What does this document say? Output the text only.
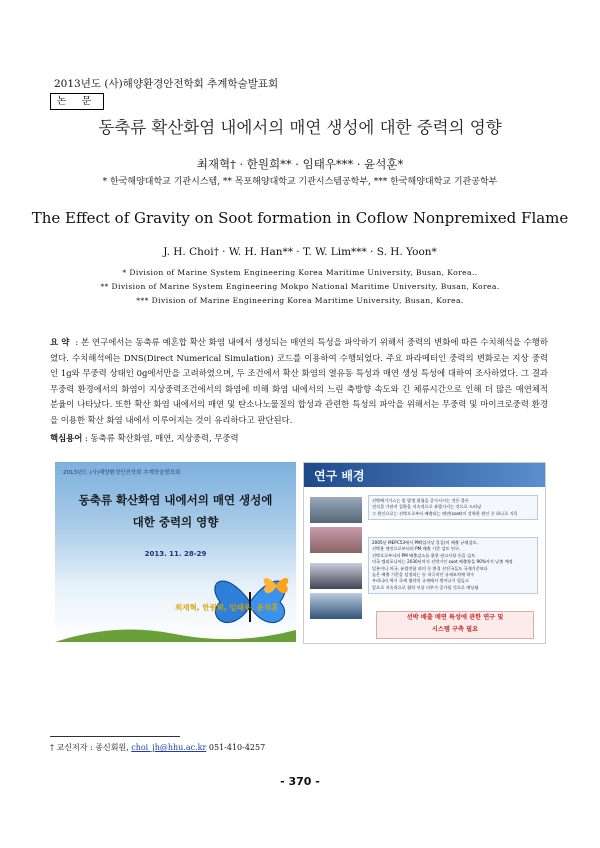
2013년도 (사)해양환경안전학회 추계학술발표회
논 문
동축류 확산화염 내에서의 매연 생성에 대한 중력의 영향
최재혁† · 한원희** · 임태우*** · 윤석훈*
* 한국해양대학교 기관시스템, ** 목포해양대학교 기관시스템공학부, *** 한국해양대학교 기관공학부
The Effect of Gravity on Soot formation in Coflow Nonpremixed Flame
J. H. Choi† · W. H. Han** · T. W. Lim*** · S. H. Yoon*
* Division of Marine System Engineering Korea Maritime University, Busan, Korea..
** Division of Marine System Engineering Mokpo National Maritime University, Busan, Korea.
*** Division of Marine Engineering Korea Maritime University, Busan, Korea.
요 약 : 본 연구에서는 동축류 예혼합 확산 화염 내에서 생성되는 매연의 특성을 파악하기 위해서 중력의 변화에 따른 수치해석을 수행하였다. 수치해석에는 DNS(Direct Numerical Simulation) 코드를 이용하여 수행되었다. 주요 파라메터인 중력의 변화로는 지상 중력인 1g와 무중력 상태인 0g에서만을 고려하였으며, 두 조건에서 확산 화염의 열유동 특성과 매연 생성 특성에 대하여 조사하였다. 그 결과 무중력 환경에서의 화염이 지상중력조건에서의 화염에 비해 화염 내에서의 느린 축방향 속도와 긴 체류시간으로 인해 더 많은 매연체적 분율이 나타났다. 또한 확산 화염 내에서의 매연 및 탄소나노물질의 합성과 관련한 특성의 파악을 위해서는 무중력 및 마이크로중력 환경을 이용한 확산 화염 내에서 이루어지는 것이 유리하다고 판단된다.
핵심용어 : 동축류 확산화염, 매연, 지상중력, 무중력
2013년도 (사)해양환경안전학회 추계학술발표회
동축류 확산화염 내에서의 매연 생성에
대한 중력의 영향
2013. 11. 28-29
최재혁, 한원희, 임태우, 윤석훈
연구 배경
선박배기가스는 암 발생 위험을 증가시키는 것은 물론
전식물 기관지 질환을 지속적으로 유발시키는 것으로 드러남
그 원인으로는 선박으로부터 배출되는 매연(soot)이 강력한 원인 중 하나로 지목
2005년 MEPC53에서 PM(입자상 물질)의 배출 규제검토,
선박용 엔진으로부터의 PM 배출 기준 검토 연구,
선박으로부터의 PM 배출감소를 위한 권고사항 등을 검토
미국 캘리포니아는 2030년까지 선박기인 soot 배출량을 90%까지 낮출 예정
일본이나 미국, 유럽연합 외의 동 환경 선진국들도 국제기준보다
높은 배출 기준을 설정하는 등 적극적인 규제조치에 착수
우리나라 역시 국제 협약의 규제에서 벗어나기 힘들고
앞으로 지속적으로 협약 이상 의무가 증가될 것으로 예상됨
선박 배출 매연 특성에 관한 연구 및
시스템 구축 필요
† 교신저자 : 종신회원, choi_jh@hhu.ac.kr 051-410-4257
- 370 -
